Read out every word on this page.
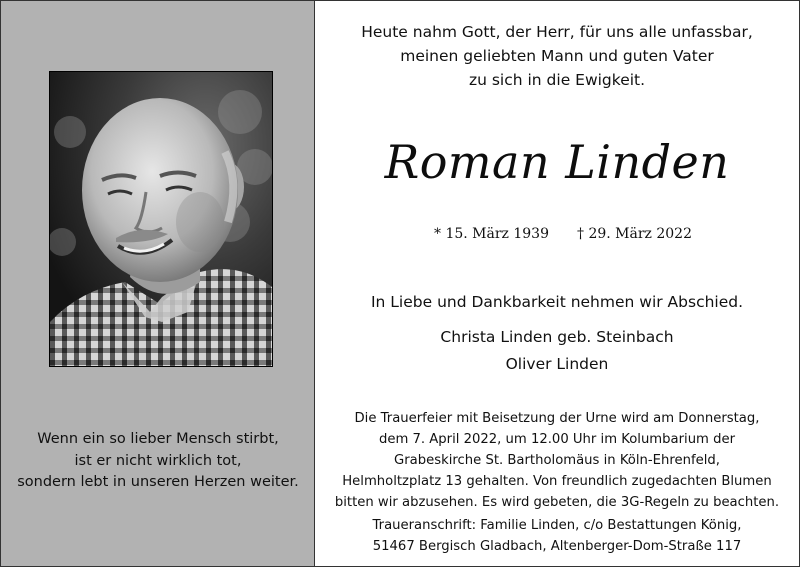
Wenn ein so lieber Mensch stirbt,
ist er nicht wirklich tot,
sondern lebt in unseren Herzen weiter.
Heute nahm Gott, der Herr, für uns alle unfassbar,
meinen geliebten Mann und guten Vater
zu sich in die Ewigkeit.
Roman Linden
* 15. März 1939 † 29. März 2022
In Liebe und Dankbarkeit nehmen wir Abschied.
Christa Linden geb. Steinbach
Oliver Linden
Die Trauerfeier mit Beisetzung der Urne wird am Donnerstag,
dem 7. April 2022, um 12.00 Uhr im Kolumbarium der
Grabeskirche St. Bartholomäus in Köln-Ehrenfeld,
Helmholtzplatz 13 gehalten. Von freundlich zugedachten Blumen
bitten wir abzusehen. Es wird gebeten, die 3G-Regeln zu beachten.
Traueranschrift: Familie Linden, c/o Bestattungen König,
51467 Bergisch Gladbach, Altenberger-Dom-Straße 117
